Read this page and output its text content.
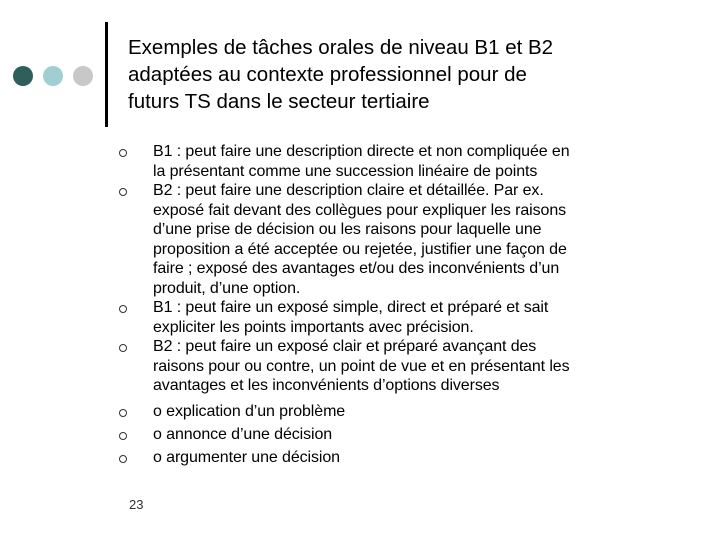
Exemples de tâches orales de niveau B1 et B2
adaptées au contexte professionnel pour de
futurs TS dans le secteur tertiaire

B1 : peut faire une description directe et non compliquée en
la présentant comme une succession linéaire de points

B2 : peut faire une description claire et détaillée. Par ex.
exposé fait devant des collègues pour expliquer les raisons
d’une prise de décision ou les raisons pour laquelle une
proposition a été acceptée ou rejetée, justifier une façon de
faire ; exposé des avantages et/ou des inconvénients d’un
produit, d’une option.

B1 : peut faire un exposé simple, direct et préparé et sait
expliciter les points importants avec précision.

B2 : peut faire un exposé clair et préparé avançant des
raisons pour ou contre, un point de vue et en présentant les
avantages et les inconvénients d’options diverses

o explication d’un problème

o annonce d’une décision

o argumenter une décision

23
